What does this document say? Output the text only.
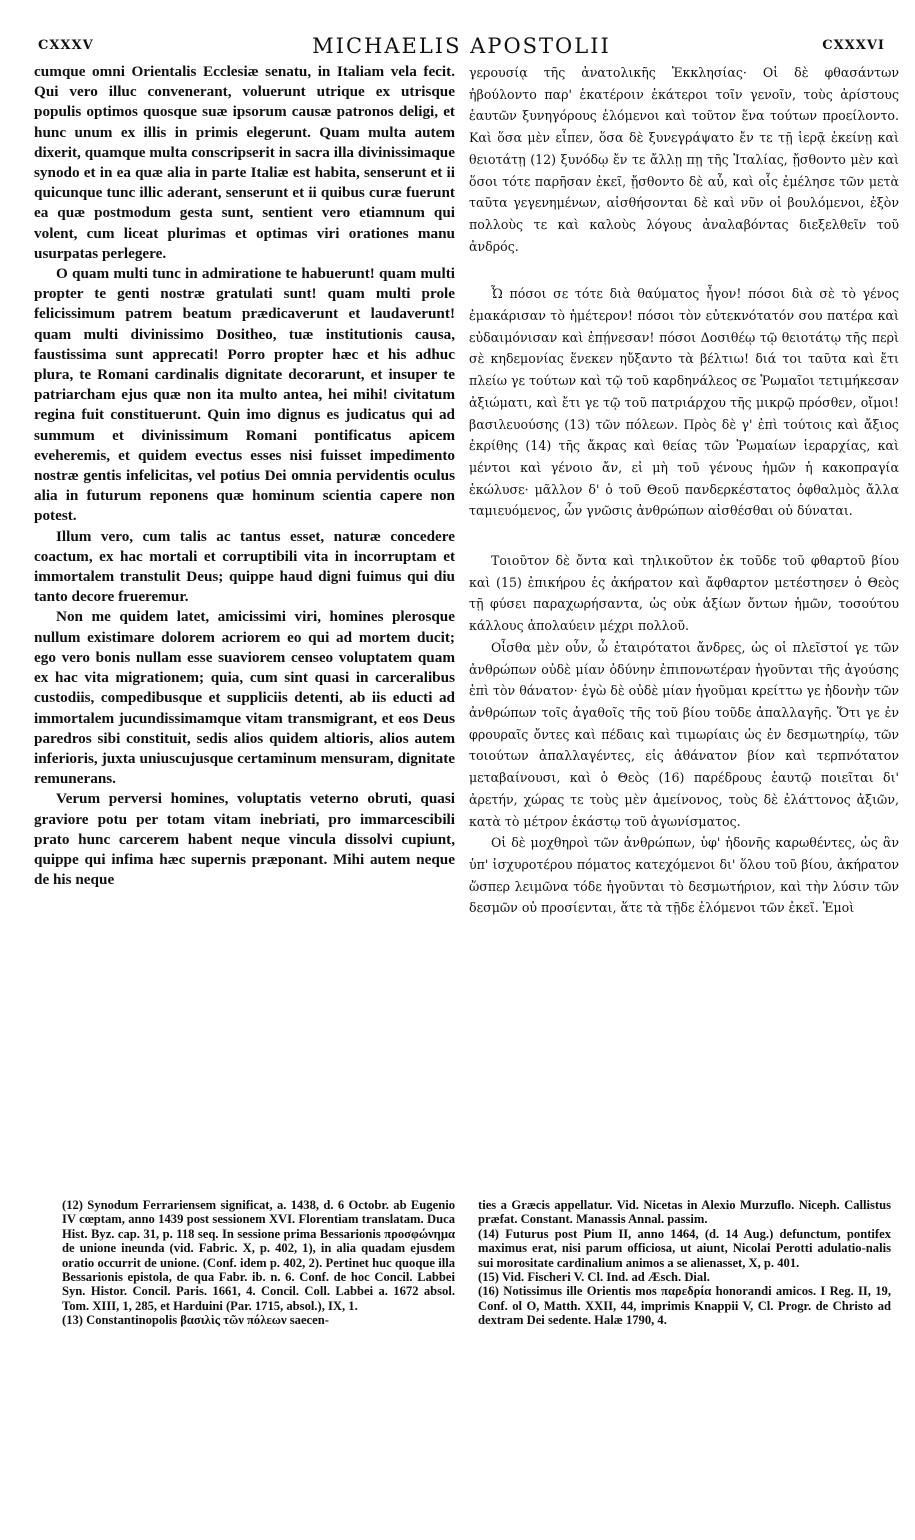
CXXXV	MICHAELIS APOSTOLII	CXXXVI

cumque omni Orientalis Ecclesiæ senatu, in Italiam vela fecit. Qui vero illuc convenerant, voluerunt utrique ex utrisque populis optimos quosque suæ ipsorum causæ patronos deligi, et hunc unum ex illis in primis elegerunt. Quam multa autem dixerit, quamque multa conscripserit in sacra illa divinissimaque synodo et in ea quæ alia in parte Italiæ est habita, senserunt et ii quicunque tunc illic aderant, senserunt et ii quibus curæ fuerunt ea quæ postmodum gesta sunt, sentient vero etiamnum qui volent, cum liceat plurimas et optimas viri orationes manu usurpatas perlegere.

O quam multi tunc in admiratione te habuerunt! quam multi propter te genti nostræ gratulati sunt! quam multi prole felicissimum patrem beatum prædicaverunt et laudaverunt! quam multi divinissimo Dositheo, tuæ institutionis causa, faustissima sunt apprecati! Porro propter hæc et his adhuc plura, te Romani cardinalis dignitate decorarunt, et insuper te patriarcham ejus quæ non ita multo antea, hei mihi! civitatum regina fuit constituerunt. Quin imo dignus es judicatus qui ad summum et divinissimum Romani pontificatus apicem eveheremis, et quidem evectus esses nisi fuisset impedimento nostræ gentis infelicitas, vel potius Dei omnia pervidentis oculus alia in futurum reponens quæ hominum scientia capere non potest.

Illum vero, cum talis ac tantus esset, naturæ concedere coactum, ex hac mortali et corruptibili vita in incorruptam et immortalem transtulit Deus; quippe haud digni fuimus qui diu tanto decore frueremur.

Non me quidem latet, amicissimi viri, homines plerosque nullum existimare dolorem acriorem eo qui ad mortem ducit; ego vero bonis nullam esse suaviorem censeo voluptatem quam ex hac vita migrationem; quia, cum sint quasi in carceralibus custodiis, compedibusque et suppliciis detenti, ab iis educti ad immortalem jucundissimamque vitam transmigrant, et eos Deus paredros sibi constituit, sedis alios quidem altioris, alios autem inferioris, juxta uniuscujusque certaminum mensuram, dignitate remunerans.

Verum perversi homines, voluptatis veterno obruti, quasi graviore potu per totam vitam inebriati, pro immarcescibili prato hunc carcerem habent neque vincula dissolvi cupiunt, quippe qui infima hæc supernis præponant. Mihi autem neque de his neque

γερουσίᾳ τῆς ἀνατολικῆς Ἐκκλησίας· Οἱ δὲ φθασάντων ἠβούλοντο παρ' ἑκατέροιν ἑκάτεροι τοῖν γενοῖν, τοὺς ἀρίστους ἑαυτῶν ξυνηγόρους ἑλόμενοι καὶ τοῦτον ἕνα τούτων προείλοντο. Καὶ ὅσα μὲν εἶπεν, ὅσα δὲ ξυνεγράψατο ἔν τε τῇ ἱερᾷ ἐκείνῃ καὶ θειοτάτῃ (12) ξυνόδῳ ἔν τε ἄλλῃ πῃ τῆς Ἰταλίας, ᾔσθοντο μὲν καὶ ὅσοι τότε παρῆσαν ἐκεῖ, ᾔσθοντο δὲ αὖ, καὶ οἷς ἐμέλησε τῶν μετὰ ταῦτα γεγενημένων, αἰσθήσονται δὲ καὶ νῦν οἱ βουλόμενοι, ἐξὸν πολλοὺς τε καὶ καλοὺς λόγους ἀναλαβόντας διεξελθεῖν τοῦ ἀνδρός.

Ὦ πόσοι σε τότε διὰ θαύματος ἦγον! πόσοι διὰ σὲ τὸ γένος ἐμακάρισαν τὸ ἡμέτερον! πόσοι τὸν εὐτεκνότατόν σου πατέρα καὶ εὐδαιμόνισαν καὶ ἐπῄνεσαν! πόσοι Δοσιθέῳ τῷ θειοτάτῳ τῆς περὶ σὲ κηδεμονίας ἕνεκεν ηὔξαντο τὰ βέλτιω! διά τοι ταῦτα καὶ ἔτι πλείω γε τούτων καὶ τῷ τοῦ καρδηνάλεος σε Ῥωμαῖοι τετιμήκεσαν ἀξιώματι, καὶ ἔτι γε τῷ τοῦ πατριάρχου τῆς μικρῷ πρόσθεν, οἴμοι! βασιλευούσης (13) τῶν πόλεων. Πρὸς δὲ γ' ἐπὶ τούτοις καὶ ἄξιος ἐκρίθης (14) τῆς ἄκρας καὶ θείας τῶν Ῥωμαίων ἱεραρχίας, καὶ μέντοι καὶ γένοιο ἄν, εἰ μὴ τοῦ γένους ἡμῶν ἡ κακοπραγία ἐκώλυσε· μᾶλλον δ' ὁ τοῦ Θεοῦ πανδερκέστατος ὀφθαλμὸς ἄλλα ταμιευόμενος, ὧν γνῶσις ἀνθρώπων αἰσθέσθαι οὐ δύναται.

Τοιοῦτον δὲ ὄντα καὶ τηλικοῦτον ἐκ τοῦδε τοῦ φθαρτοῦ βίου καὶ (15) ἐπικήρου ἐς ἀκήρατον καὶ ἄφθαρτον μετέστησεν ὁ Θεὸς τῇ φύσει παραχωρήσαντα, ὡς οὐκ ἀξίων ὄντων ἡμῶν, τοσούτου κάλλους ἀπολαύειν μέχρι πολλοῦ.

Οἶσθα μὲν οὖν, ὦ ἑταιρότατοι ἄνδρες, ὡς οἱ πλεῖστοί γε τῶν ἀνθρώπων οὐδὲ μίαν ὀδύνην ἐπιπονωτέραν ἡγοῦνται τῆς ἀγούσης ἐπὶ τὸν θάνατον· ἐγὼ δὲ οὐδὲ μίαν ἡγοῦμαι κρείττω γε ἡδονὴν τῶν ἀνθρώπων τοῖς ἀγαθοῖς τῆς τοῦ βίου τοῦδε ἀπαλλαγῆς. Ὅτι γε ἐν φρουραῖς ὄντες καὶ πέδαις καὶ τιμωρίαις ὡς ἐν δεσμωτηρίῳ, τῶν τοιούτων ἀπαλλαγέντες, εἰς ἀθάνατον βίον καὶ τερπνότατον μεταβαίνουσι, καὶ ὁ Θεὸς (16) παρέδρους ἑαυτῷ ποιεῖται δι' ἀρετήν, χώρας τε τοὺς μὲν ἀμείνονος, τοὺς δὲ ἐλάττονος ἀξιῶν, κατὰ τὸ μέτρον ἑκάστῳ τοῦ ἀγωνίσματος.

Οἱ δὲ μοχθηροὶ τῶν ἀνθρώπων, ὑφ' ἡδονῆς καρωθέντες, ὡς ἂν ὑπ' ἰσχυροτέρου πόματος κατεχόμενοι δι' ὅλου τοῦ βίου, ἀκήρατον ὥσπερ λειμῶνα τόδε ἡγοῦνται τὸ δεσμωτήριον, καὶ τὴν λύσιν τῶν δεσμῶν οὐ προσίενται, ἅτε τὰ τῇδε ἑλόμενοι τῶν ἐκεῖ. Ἐμοὶ

(12) Synodum Ferrariensem significat, a. 1438, d. 6 Octobr. ab Eugenio IV cœptam, anno 1439 post sessionem XVI. Florentiam translatam. Duca Hist. Byz. cap. 31, p. 118 seq. In sessione prima Bessarionis προσφώνημα de unione ineunda (vid. Fabric. X, p. 402, 1), in alia quadam ejusdem oratio occurrit de unione. (Conf. idem p. 402, 2). Pertinet huc quoque illa Bessarionis epistola, de qua Fabr. ib. n. 6. Conf. de hoc Concil. Labbei Syn. Histor. Concil. Paris. 1661, 4. Concil. Coll. Labbei a. 1672 absol. Tom. XIII, 1, 285, et Harduini (Par. 1715, absol.), IX, 1.

(13) Constantinopolis βασιλὶς τῶν πόλεων saecen-

ties a Græcis appellatur. Vid. Nicetas in Alexio Murzuflo. Niceph. Callistus præfat. Constant. Manassis Annal. passim.

(14) Futurus post Pium II, anno 1464, (d. 14 Aug.) defunctum, pontifex maximus erat, nisi parum officiosa, ut aiunt, Nicolai Perotti adulatio-nalis sui morositate cardinalium animos a se alienasset, X, p. 401.

(15) Vid. Fischeri V. Cl. Ind. ad Æsch. Dial.

(16) Notissimus ille Orientis mos παρεδρία honorandi amicos. I Reg. II, 19, Conf. ol O, Matth. XXII, 44, imprimis Knappii V, Cl. Progr. de Christo ad dextram Dei sedente. Halæ 1790, 4.
